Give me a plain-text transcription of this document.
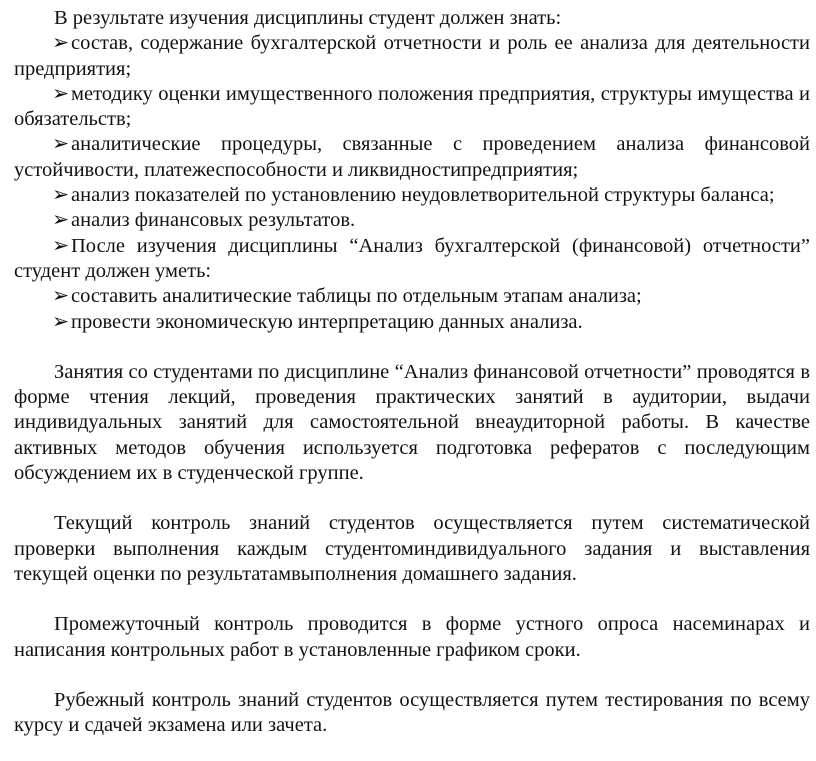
В результате изучения дисциплины студент должен знать:

➢состав, содержание бухгалтерской отчетности и роль ее анализа для деятельности предприятия;

➢методику оценки имущественного положения предприятия, структуры имущества и обязательств;

➢аналитические процедуры, связанные с проведением анализа финансовой устойчивости, платежеспособности и ликвидностипредприятия;

➢анализ показателей по установлению неудовлетворительной структуры баланса;

➢анализ финансовых результатов.

➢После изучения дисциплины “Анализ бухгалтерской (финансовой) отчетности” студент должен уметь:

➢составить аналитические таблицы по отдельным этапам анализа;

➢провести экономическую интерпретацию данных анализа.

Занятия со студентами по дисциплине “Анализ финансовой отчетности” проводятся в форме чтения лекций, проведения практических занятий в аудитории, выдачи индивидуальных занятий для самостоятельной внеаудиторной работы. В качестве активных методов обучения используется подготовка рефератов с последующим обсуждением их в студенческой группе.

Текущий контроль знаний студентов осуществляется путем систематической проверки выполнения каждым студентоминдивидуального задания и выставления текущей оценки по результатамвыполнения домашнего задания.

Промежуточный контроль проводится в форме устного опроса насеминарах и написания контрольных работ в установленные графиком сроки.

Рубежный контроль знаний студентов осуществляется путем тестирования по всему курсу и сдачей экзамена или зачета.
